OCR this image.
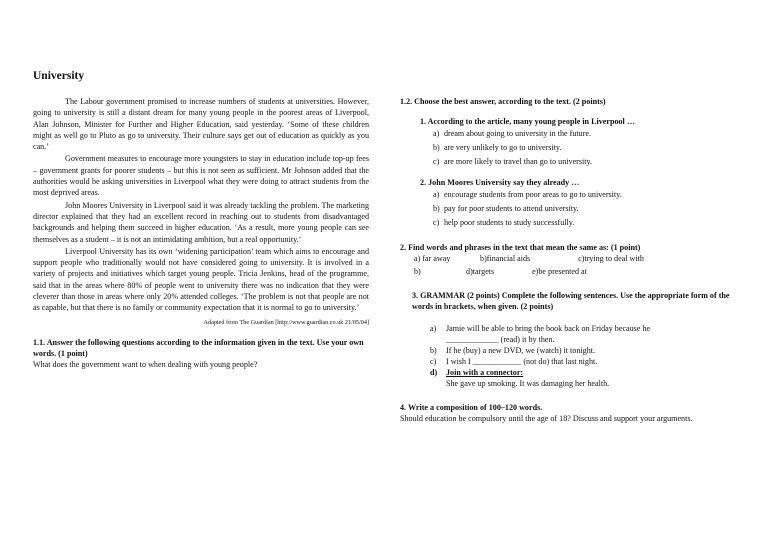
University

The Labour government promised to increase numbers of students at universities. However, going to university is still a distant dream for many young people in the poorest areas of Liverpool, Alan Johnson, Minister for Further and Higher Education, said yesterday. ‘Some of these children might as well go to Pluto as go to university. Their culture says get out of education as quickly as you can.’

Government measures to encourage more youngsters to stay in education include top-up fees – government grants for poorer students – but this is not seen as sufficient. Mr Johnson added that the authorities would be asking universities in Liverpool what they were doing to attract students from the most deprived areas.

John Moores University in Liverpool said it was already tackling the problem. The marketing director explained that they had an excellent record in reaching out to students from disadvantaged backgrounds and helping them succeed in higher education. ‘As a result, more young people can see themselves as a student – it is not an intimidating ambition, but a real opportunity.’

Liverpool University has its own ‘widening participation’ team which aims to encourage and support people who traditionally would not have considered going to university. It is involved in a variety of projects and initiatives which target young people. Tricia Jenkins, head of the programme, said that in the areas where 80% of people went to university there was no indication that they were cleverer than those in areas where only 20% attended colleges. ‘The problem is not that people are not as capable, but that there is no family or community expectation that it is normal to go to university.’

Adapted from The Guardian [http://www.guardian.co.uk 21/05/04]

1.1. Answer the following questions according to the information given in the text. Use your own words. (1 point)

What does the government want to when dealing with young people?

1.2. Choose the best answer, according to the text. (2 points)

1. According to the article, many young people in Liverpool …

a) dream about going to university in the future.

b) are very unlikely to go to university.

c) are more likely to travel than go to university.

2. John Moores University say they already …

a) encourage students from poor areas to go to university.

b) pay for poor students to attend university.

c) help poor students to study successfully.

2. Find words and phrases in the text that mean the same as: (1 point)

a) far away	b)financial aids	c)trying to deal with

b)	d)targets	e)be presented at

3. GRAMMAR (2 points) Complete the following sentences. Use the appropriate form of the words in brackets, when given. (2 points)

a) Jamie will be able to bring the book back on Friday because he
_____________ (read) it by then.

b) If he (buy) a new DVD, we (watch) it tonight.

c) I wish I ____________ (not do) that last night.

d) Join with a connector:
She gave up smoking. It was damaging her health.

4. Write a composition of 100–120 words.

Should education be compulsory until the age of 18? Discuss and support your arguments.
